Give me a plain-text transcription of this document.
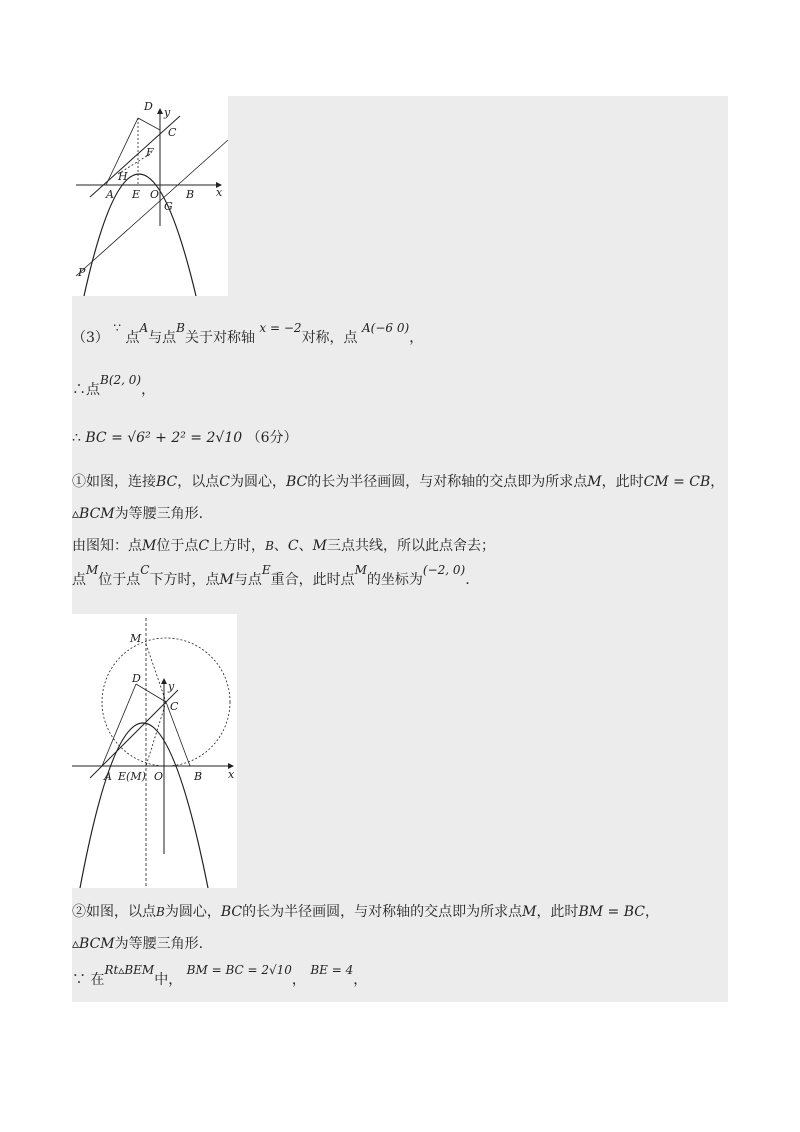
D y
C
F
H
A E O B x
G
P
（3） ∵ 点A与点B关于对称轴 x = −2对称，点 A(−6 0)，
∴点B(2, 0)，
∴ BC = √6² + 2² = 2√10 （6分）
①如图，连接BC，以点C为圆心，BC的长为半径画圆，与对称轴的交点即为所求点M，此时CM = CB，
▵BCM为等腰三角形.
由图知：点M位于点C上方时，B、C、M三点共线，所以此点舍去；
点M位于点C下方时，点M与点E重合，此时点M的坐标为(−2, 0).
M
D
y
C
A E(M) O	B x
②如图，以点B为圆心，BC的长为半径画圆，与对称轴的交点即为所求点M，此时BM = BC，
▵BCM为等腰三角形.
∵ 在Rt▵BEM中， BM = BC = 2√10， BE = 4，
